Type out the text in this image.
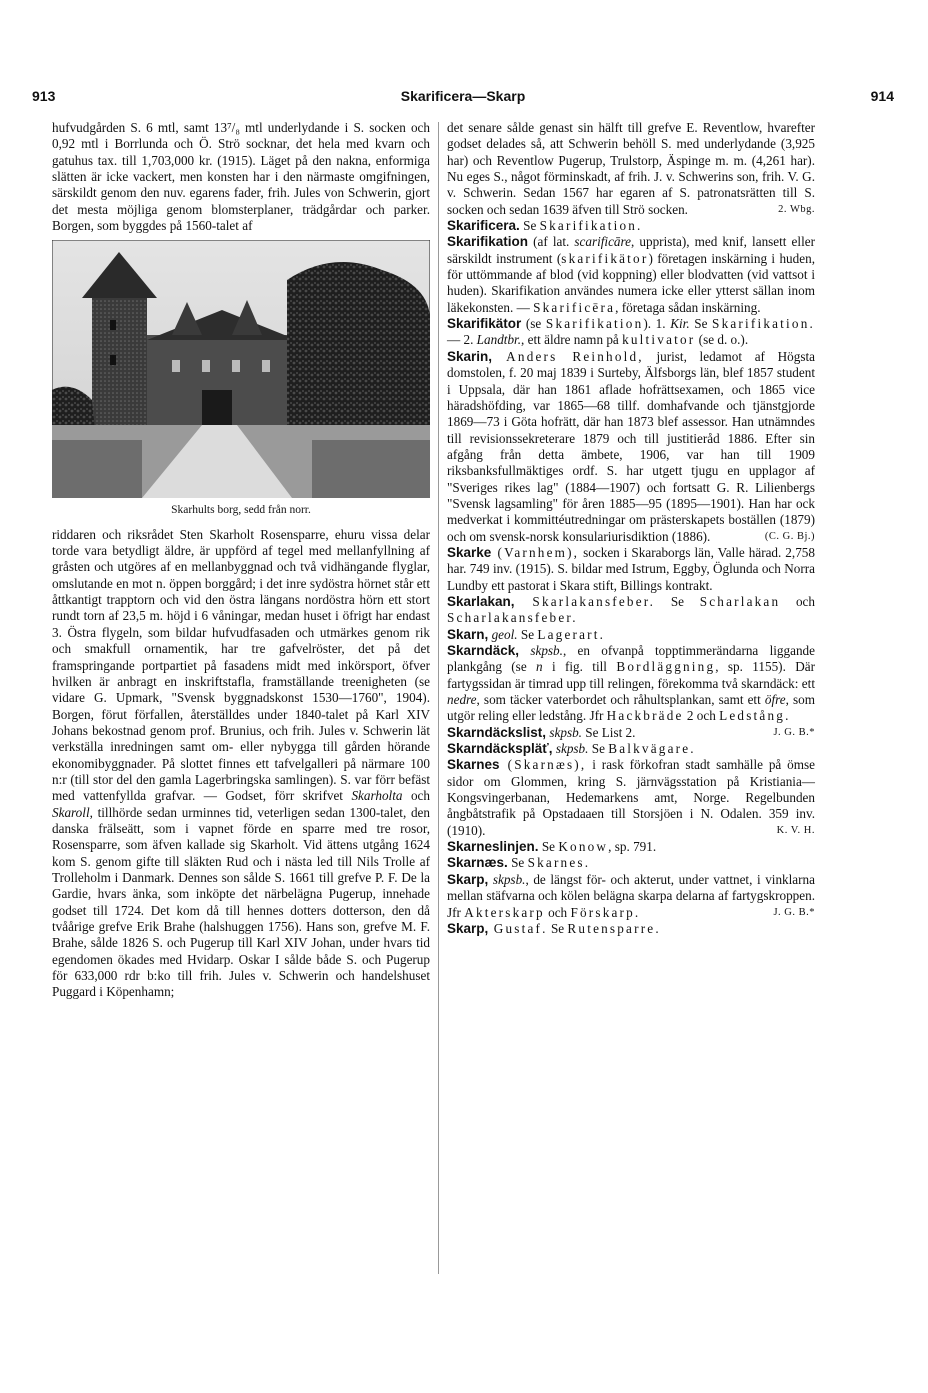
913	Skarificera—Skarp	914

hufvudgården S. 6 mtl, samt 13⁷/₈ mtl underlydande i S. socken och 0,92 mtl i Borrlunda och Ö. Strö socknar, det hela med kvarn och gatuhus tax. till 1,703,000 kr. (1915). Läget på den nakna, enformiga slätten är icke vackert, men konsten har i den närmaste omgifningen, särskildt genom den nuv. egarens fader, frih. Jules von Schwerin, gjort det mesta möjliga genom blomsterplaner, trädgårdar och parker. Borgen, som byggdes på 1560-talet af

Skarhults borg, sedd från norr.

riddaren och riksrådet Sten Skarholt Rosensparre, ehuru vissa delar torde vara betydligt äldre, är uppförd af tegel med mellanfyllning af gråsten och utgöres af en mellanbyggnad och två vidhängande flyglar, omslutande en mot n. öppen borggård; i det inre sydöstra hörnet står ett åttkantigt trapptorn och vid den östra längans nordöstra hörn ett stort rundt torn af 23,5 m. höjd i 6 våningar, medan huset i öfrigt har endast 3. Östra flygeln, som bildar hufvudfasaden och utmärkes genom rik och smakfull ornamentik, har tre gafvelröster, det på det framspringande portpartiet på fasadens midt med inkörsport, öfver hvilken är anbragt en inskriftstafla, framställande treenigheten (se vidare G. Upmark, "Svensk byggnadskonst 1530—1760", 1904). Borgen, förut förfallen, återställdes under 1840-talet på Karl XIV Johans bekostnad genom prof. Brunius, och frih. Jules v. Schwerin lät verkställa inredningen samt om- eller nybygga till gården hörande ekonomibyggnader. På slottet finnes ett tafvelgalleri på närmare 100 n:r (till stor del den gamla Lagerbringska samlingen). S. var förr befäst med vattenfyllda grafvar. — Godset, förr skrifvet Skarholta och Skaroll, tillhörde sedan urminnes tid, veterligen sedan 1300-talet, den danska frälseätt, som i vapnet förde en sparre med tre rosor, Rosensparre, som äfven kallade sig Skarholt. Vid ättens utgång 1624 kom S. genom gifte till släkten Rud och i nästa led till Nils Trolle af Trolleholm i Danmark. Dennes son sålde S. 1661 till grefve P. F. De la Gardie, hvars änka, som inköpte det närbelägna Pugerup, innehade godset till 1724. Det kom då till hennes dotters dotterson, den då tvåårige grefve Erik Brahe (halshuggen 1756). Hans son, grefve M. F. Brahe, sålde 1826 S. och Pugerup till Karl XIV Johan, under hvars tid egendomen ökades med Hvidarp. Oskar I sålde både S. och Pugerup för 633,000 rdr b:ko till frih. Jules v. Schwerin och handelshuset Puggard i Köpenhamn;

det senare sålde genast sin hälft till grefve E. Reventlow, hvarefter godset delades så, att Schwerin behöll S. med underlydande (3,925 har) och Reventlow Pugerup, Trulstorp, Äspinge m. m. (4,261 har). Nu eges S., något förminskadt, af frih. J. v. Schwerins son, frih. V. G. v. Schwerin. Sedan 1567 har egaren af S. patronatsrätten till S. socken och sedan 1639 äfven till Strö socken.	2. Wbg.

Skarificera. Se Skarifikation.

Skarifikation (af lat. scarificāre, upprista), med knif, lansett eller särskildt instrument (skarifikätor) företagen inskärning i huden, för uttömmande af blod (vid koppning) eller blodvatten (vid vattsot i huden). Skarifikation användes numera icke eller ytterst sällan inom läkekonsten. — Skarificēra, företaga sådan inskärning.

Skarifikätor (se Skarifikation). 1. Kir. Se Skarifikation. — 2. Landtbr., ett äldre namn på kultivator (se d. o.).

Skarin, Anders Reinhold, jurist, ledamot af Högsta domstolen, f. 20 maj 1839 i Surteby, Älfsborgs län, blef 1857 student i Uppsala, där han 1861 aflade hofrättsexamen, och 1865 vice häradshöfding, var 1865—68 tillf. domhafvande och tjänstgjorde 1869—73 i Göta hofrätt, där han 1873 blef assessor. Han utnämndes till revisionssekreterare 1879 och till justitieråd 1886. Efter sin afgång från detta ämbete, 1906, var han till 1909 riksbanksfullmäktiges ordf. S. har utgett tjugu en upplagor af "Sveriges rikes lag" (1884—1907) och fortsatt G. R. Lilienbergs "Svensk lagsamling" för åren 1885—95 (1895—1901). Han har ock medverkat i kommittéutredningar om prästerskapets boställen (1879) och om svensk-norsk konsulariurisdiktion (1886).	(C. G. Bj.)

Skarke (Varnhem), socken i Skaraborgs län, Valle härad. 2,758 har. 749 inv. (1915). S. bildar med Istrum, Eggby, Öglunda och Norra Lundby ett pastorat i Skara stift, Billings kontrakt.

Skarlakan, Skarlakansfeber. Se Scharlakan och Scharlakansfeber.

Skarn, geol. Se Lagerart.

Skarndäck, skpsb., en ofvanpå topptimmerändarna liggande plankgång (se n i fig. till Bordläggning, sp. 1155). Där fartygssidan är timrad upp till relingen, förekomma två skarndäck: ett nedre, som täcker vaterbordet och råhultsplankan, samt ett öfre, som utgör reling eller ledstång. Jfr Hackbräde 2 och Ledstång.
J. G. B.*

Skarndäckslist, skpsb. Se List 2.

Skarndäckspläť, skpsb. Se Balkvägare.

Skarnes (Skarnæs), i rask förkofran stadt samhälle på ömse sidor om Glommen, kring S. järnvägsstation på Kristiania—Kongsvingerbanan, Hedemarkens amt, Norge. Regelbunden ångbåtstrafik på Opstadaaen till Storsjöen i N. Odalen. 359 inv. (1910).	K. V. H.

Skarneslinjen. Se Konow, sp. 791.

Skarnæs. Se Skarnes.

Skarp, skpsb., de längst för- och akterut, under vattnet, i vinklarna mellan stäfvarna och kölen belägna skarpa delarna af fartygskroppen. Jfr Akterskarp och Förskarp.	J. G. B.*

Skarp, Gustaf. Se Rutensparre.
